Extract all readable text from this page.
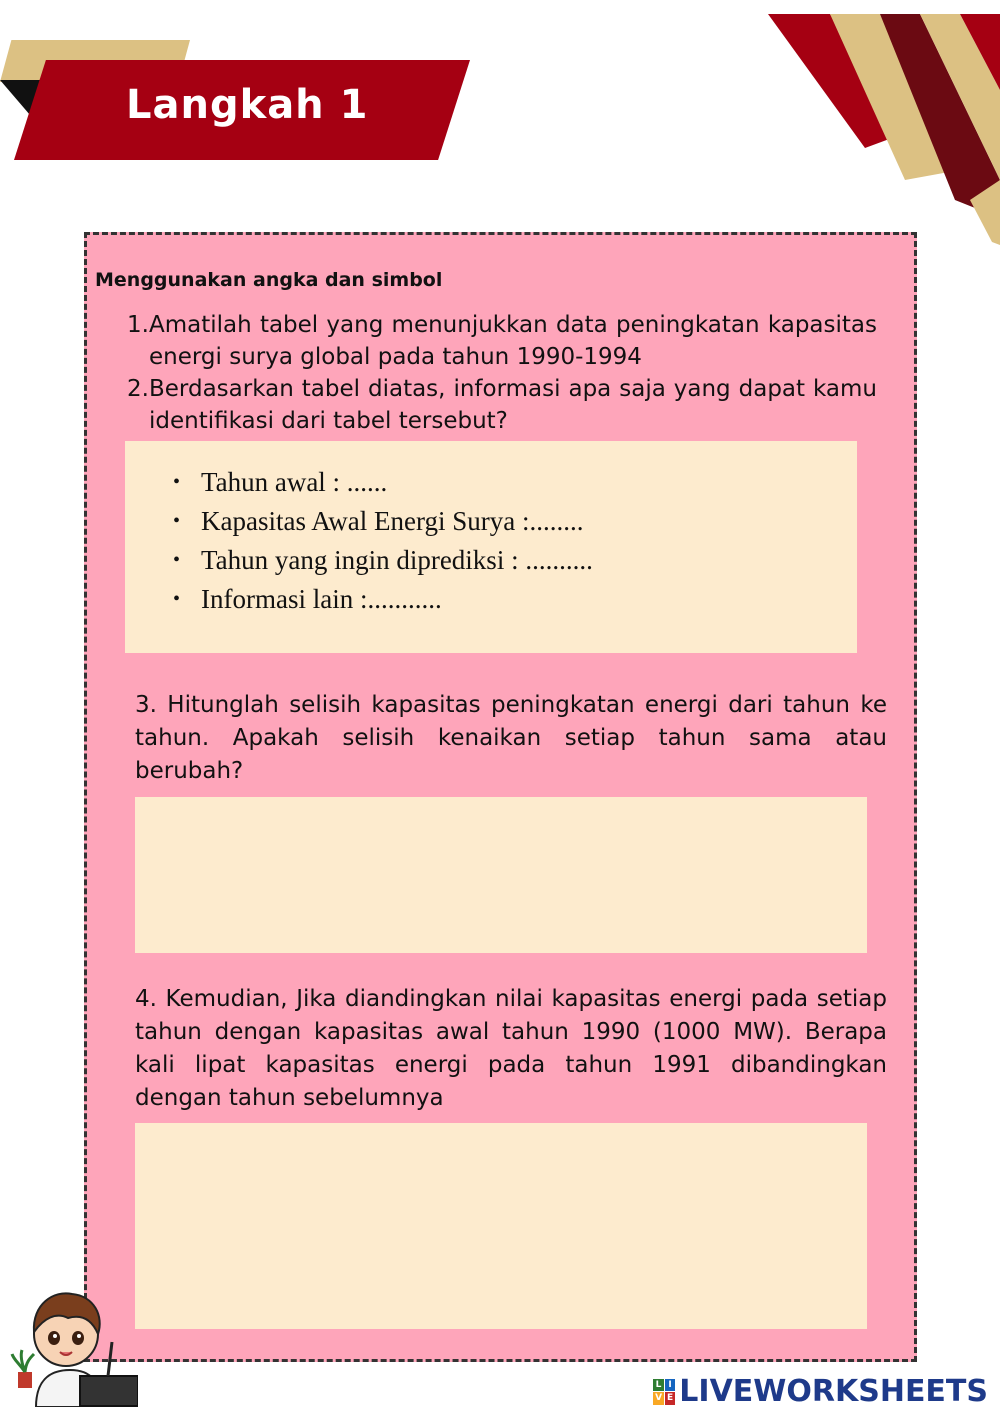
Langkah 1
Menggunakan angka dan simbol
1. Amatilah tabel yang menunjukkan data peningkatan kapasitas energi surya global pada tahun 1990-1994
2. Berdasarkan tabel diatas, informasi apa saja yang dapat kamu identifikasi dari tabel tersebut?
• Tahun awal : ......
• Kapasitas Awal Energi Surya :........
• Tahun yang ingin diprediksi : ..........
• Informasi lain :...........
3. Hitunglah selisih kapasitas peningkatan energi dari tahun ke tahun. Apakah selisih kenaikan setiap tahun sama atau berubah?
4. Kemudian, Jika diandingkan nilai kapasitas energi pada setiap tahun dengan kapasitas awal tahun 1990 (1000 MW). Berapa kali lipat kapasitas energi pada tahun 1991 dibandingkan dengan tahun sebelumnya
L I
V E LIVEWORKSHEETS
